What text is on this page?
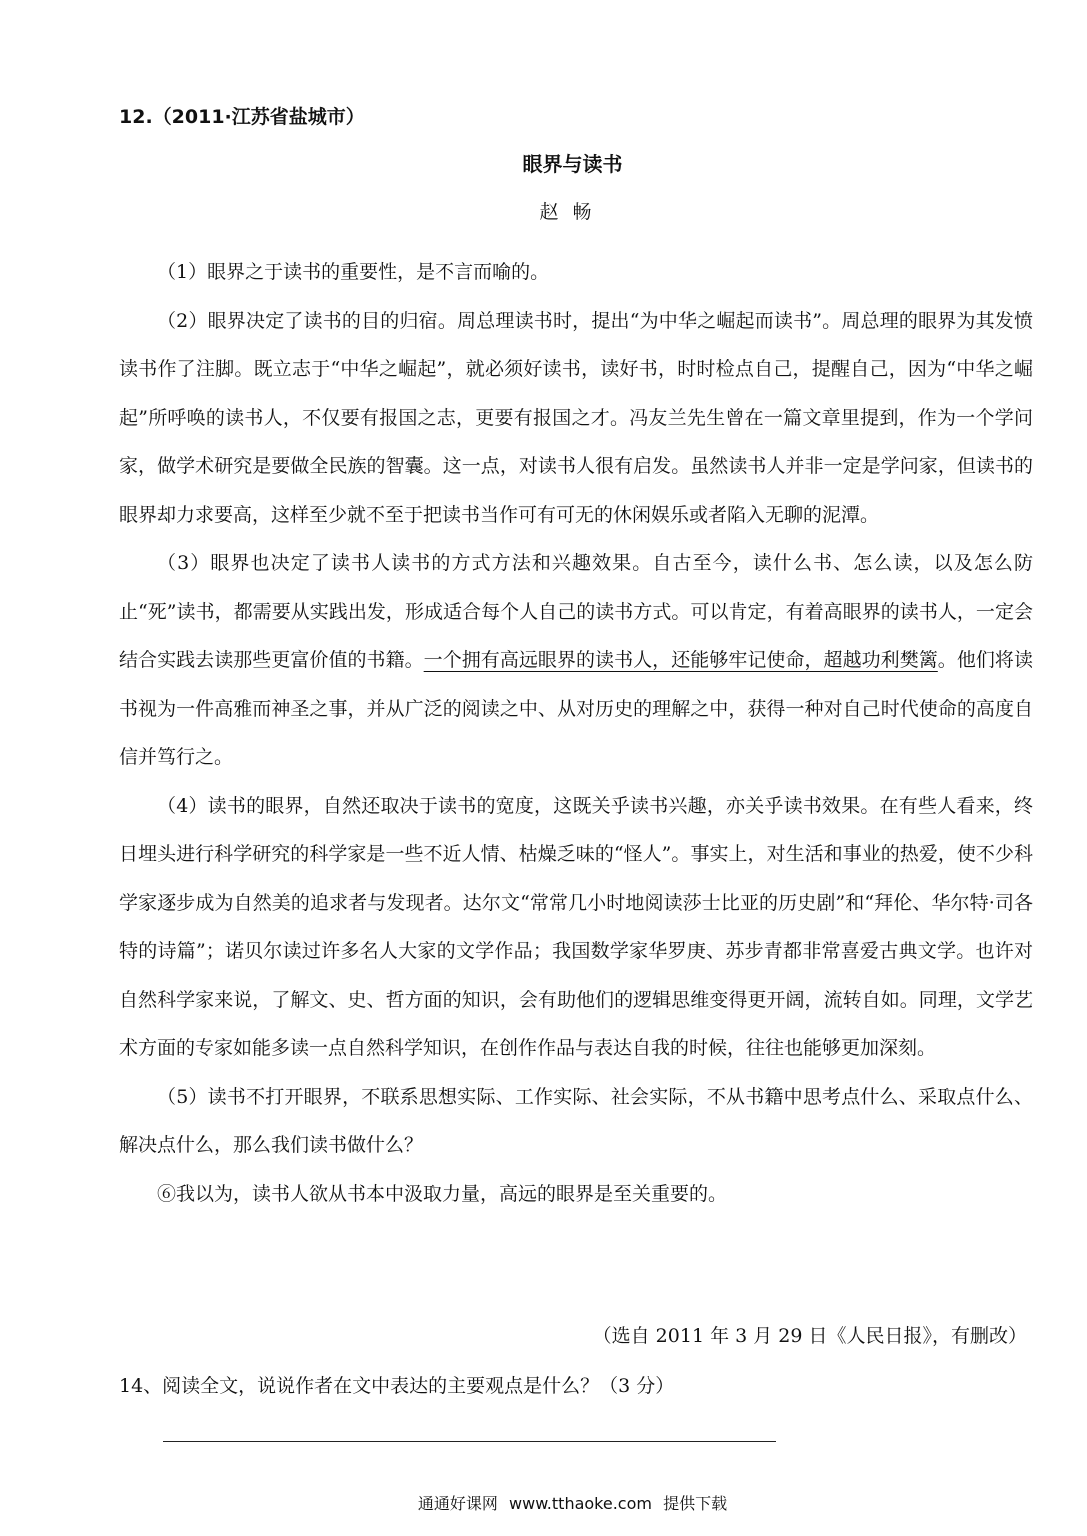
12.（2011·江苏省盐城市）
眼界与读书
赵畅

（1）眼界之于读书的重要性，是不言而喻的。

（2）眼界决定了读书的目的归宿。周总理读书时，提出“为中华之崛起而读书”。周总理的眼界为其发愤读书作了注脚。既立志于“中华之崛起”，就必须好读书，读好书，时时检点自己，提醒自己，因为“中华之崛起”所呼唤的读书人，不仅要有报国之志，更要有报国之才。冯友兰先生曾在一篇文章里提到，作为一个学问家，做学术研究是要做全民族的智囊。这一点，对读书人很有启发。虽然读书人并非一定是学问家，但读书的眼界却力求要高，这样至少就不至于把读书当作可有可无的休闲娱乐或者陷入无聊的泥潭。

（3）眼界也决定了读书人读书的方式方法和兴趣效果。自古至今，读什么书、怎么读，以及怎么防止“死”读书，都需要从实践出发，形成适合每个人自己的读书方式。可以肯定，有着高眼界的读书人，一定会结合实践去读那些更富价值的书籍。一个拥有高远眼界的读书人，还能够牢记使命，超越功利樊篱。他们将读书视为一件高雅而神圣之事，并从广泛的阅读之中、从对历史的理解之中，获得一种对自己时代使命的高度自信并笃行之。

（4）读书的眼界，自然还取决于读书的宽度，这既关乎读书兴趣，亦关乎读书效果。在有些人看来，终日埋头进行科学研究的科学家是一些不近人情、枯燥乏味的“怪人”。事实上，对生活和事业的热爱，使不少科学家逐步成为自然美的追求者与发现者。达尔文“常常几小时地阅读莎士比亚的历史剧”和“拜伦、华尔特·司各特的诗篇”；诺贝尔读过许多名人大家的文学作品；我国数学家华罗庚、苏步青都非常喜爱古典文学。也许对自然科学家来说，了解文、史、哲方面的知识，会有助他们的逻辑思维变得更开阔，流转自如。同理，文学艺术方面的专家如能多读一点自然科学知识，在创作作品与表达自我的时候，往往也能够更加深刻。

（5）读书不打开眼界，不联系思想实际、工作实际、社会实际，不从书籍中思考点什么、采取点什么、解决点什么，那么我们读书做什么？

⑥我以为，读书人欲从书本中汲取力量，高远的眼界是至关重要的。

（选自 2011 年 3 月 29 日《人民日报》，有删改）
14、阅读全文，说说作者在文中表达的主要观点是什么？（3 分）
通通好课网 www.tthaoke.com 提供下载
